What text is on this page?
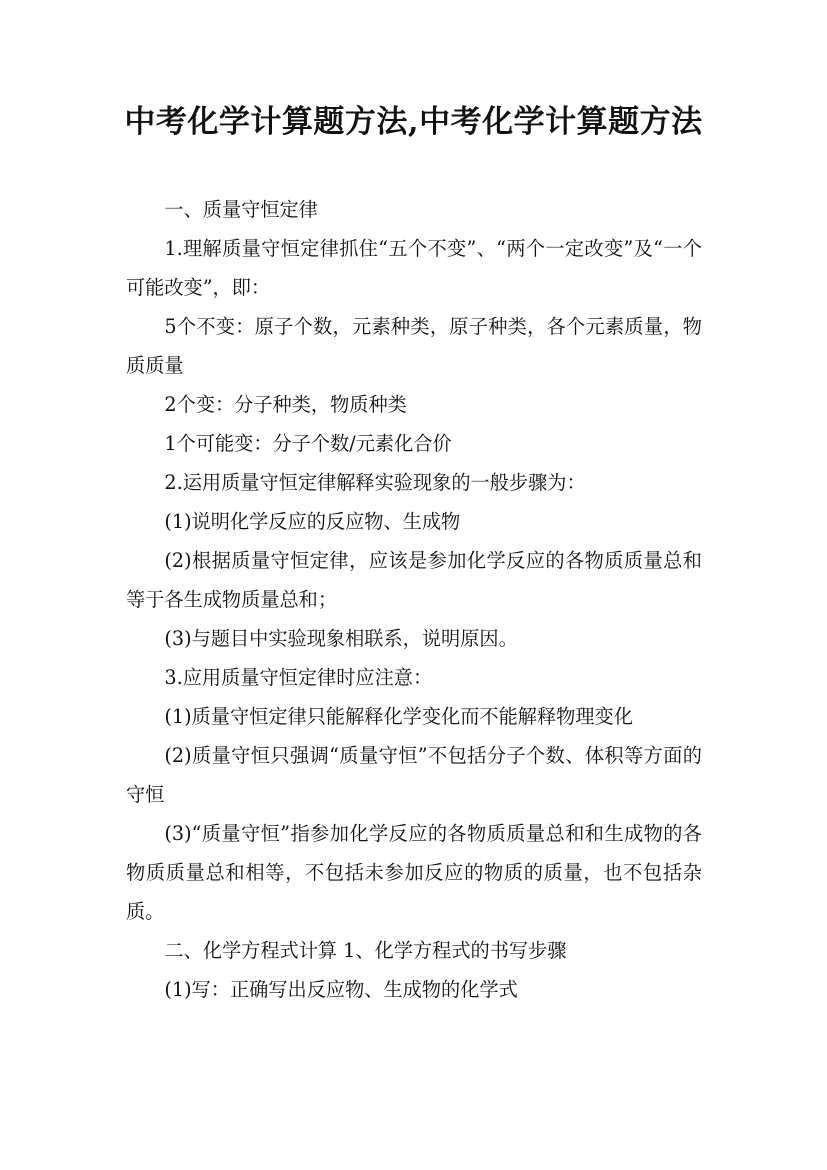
中考化学计算题方法,中考化学计算题方法

一、质量守恒定律

1.理解质量守恒定律抓住“五个不变”、“两个一定改变”及“一个可能改变”，即：

5个不变：原子个数，元素种类，原子种类，各个元素质量，物质质量

2个变：分子种类，物质种类

1个可能变：分子个数/元素化合价

2.运用质量守恒定律解释实验现象的一般步骤为：

(1)说明化学反应的反应物、生成物

(2)根据质量守恒定律，应该是参加化学反应的各物质质量总和等于各生成物质量总和；

(3)与题目中实验现象相联系，说明原因。

3.应用质量守恒定律时应注意：

(1)质量守恒定律只能解释化学变化而不能解释物理变化

(2)质量守恒只强调“质量守恒”不包括分子个数、体积等方面的守恒

(3)“质量守恒”指参加化学反应的各物质质量总和和生成物的各物质质量总和相等，不包括未参加反应的物质的质量，也不包括杂质。

二、化学方程式计算 1、化学方程式的书写步骤

(1)写：正确写出反应物、生成物的化学式
